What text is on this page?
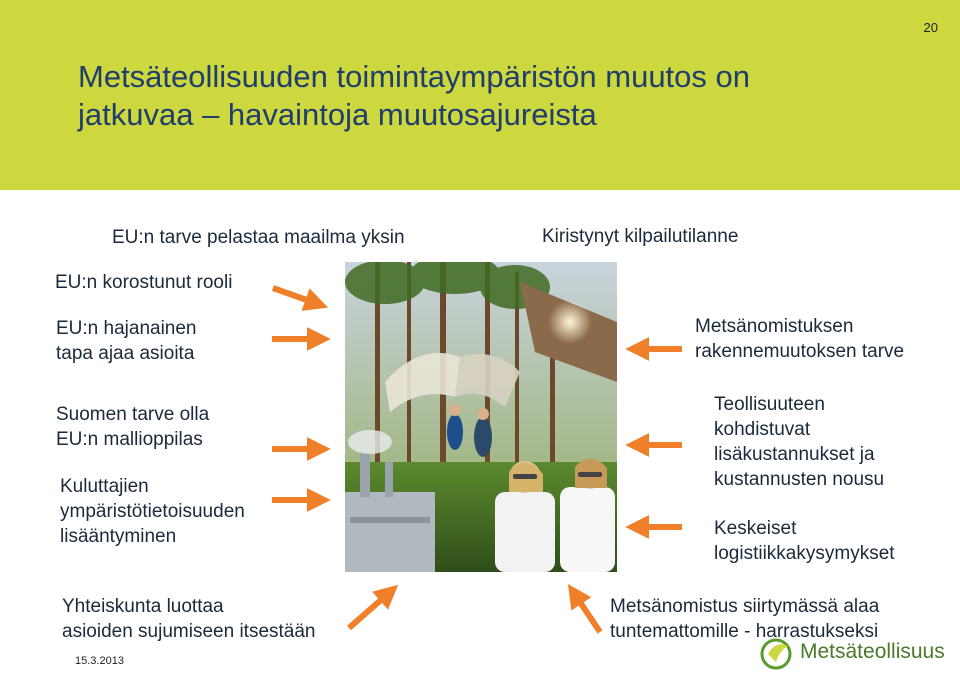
20
Metsäteollisuuden toimintaympäristön muutos on
jatkuvaa – havaintoja muutosajureista
EU:n tarve pelastaa maailma yksin	Kiristynyt kilpailutilanne
EU:n korostunut rooli
EU:n hajanainen
tapa ajaa asioita
Suomen tarve olla
EU:n mallioppilas
Kuluttajien
ympäristötietoisuuden
lisääntyminen
Yhteiskunta luottaa
asioiden sujumiseen itsestään
Metsänomistuksen
rakennemuutoksen tarve
Teollisuuteen
kohdistuvat
lisäkustannukset ja
kustannusten nousu
Keskeiset
logistiikkakysymykset
Metsänomistus siirtymässä alaa
tuntemattomille - harrastukseksi
15.3.2013	Metsäteollisuus
